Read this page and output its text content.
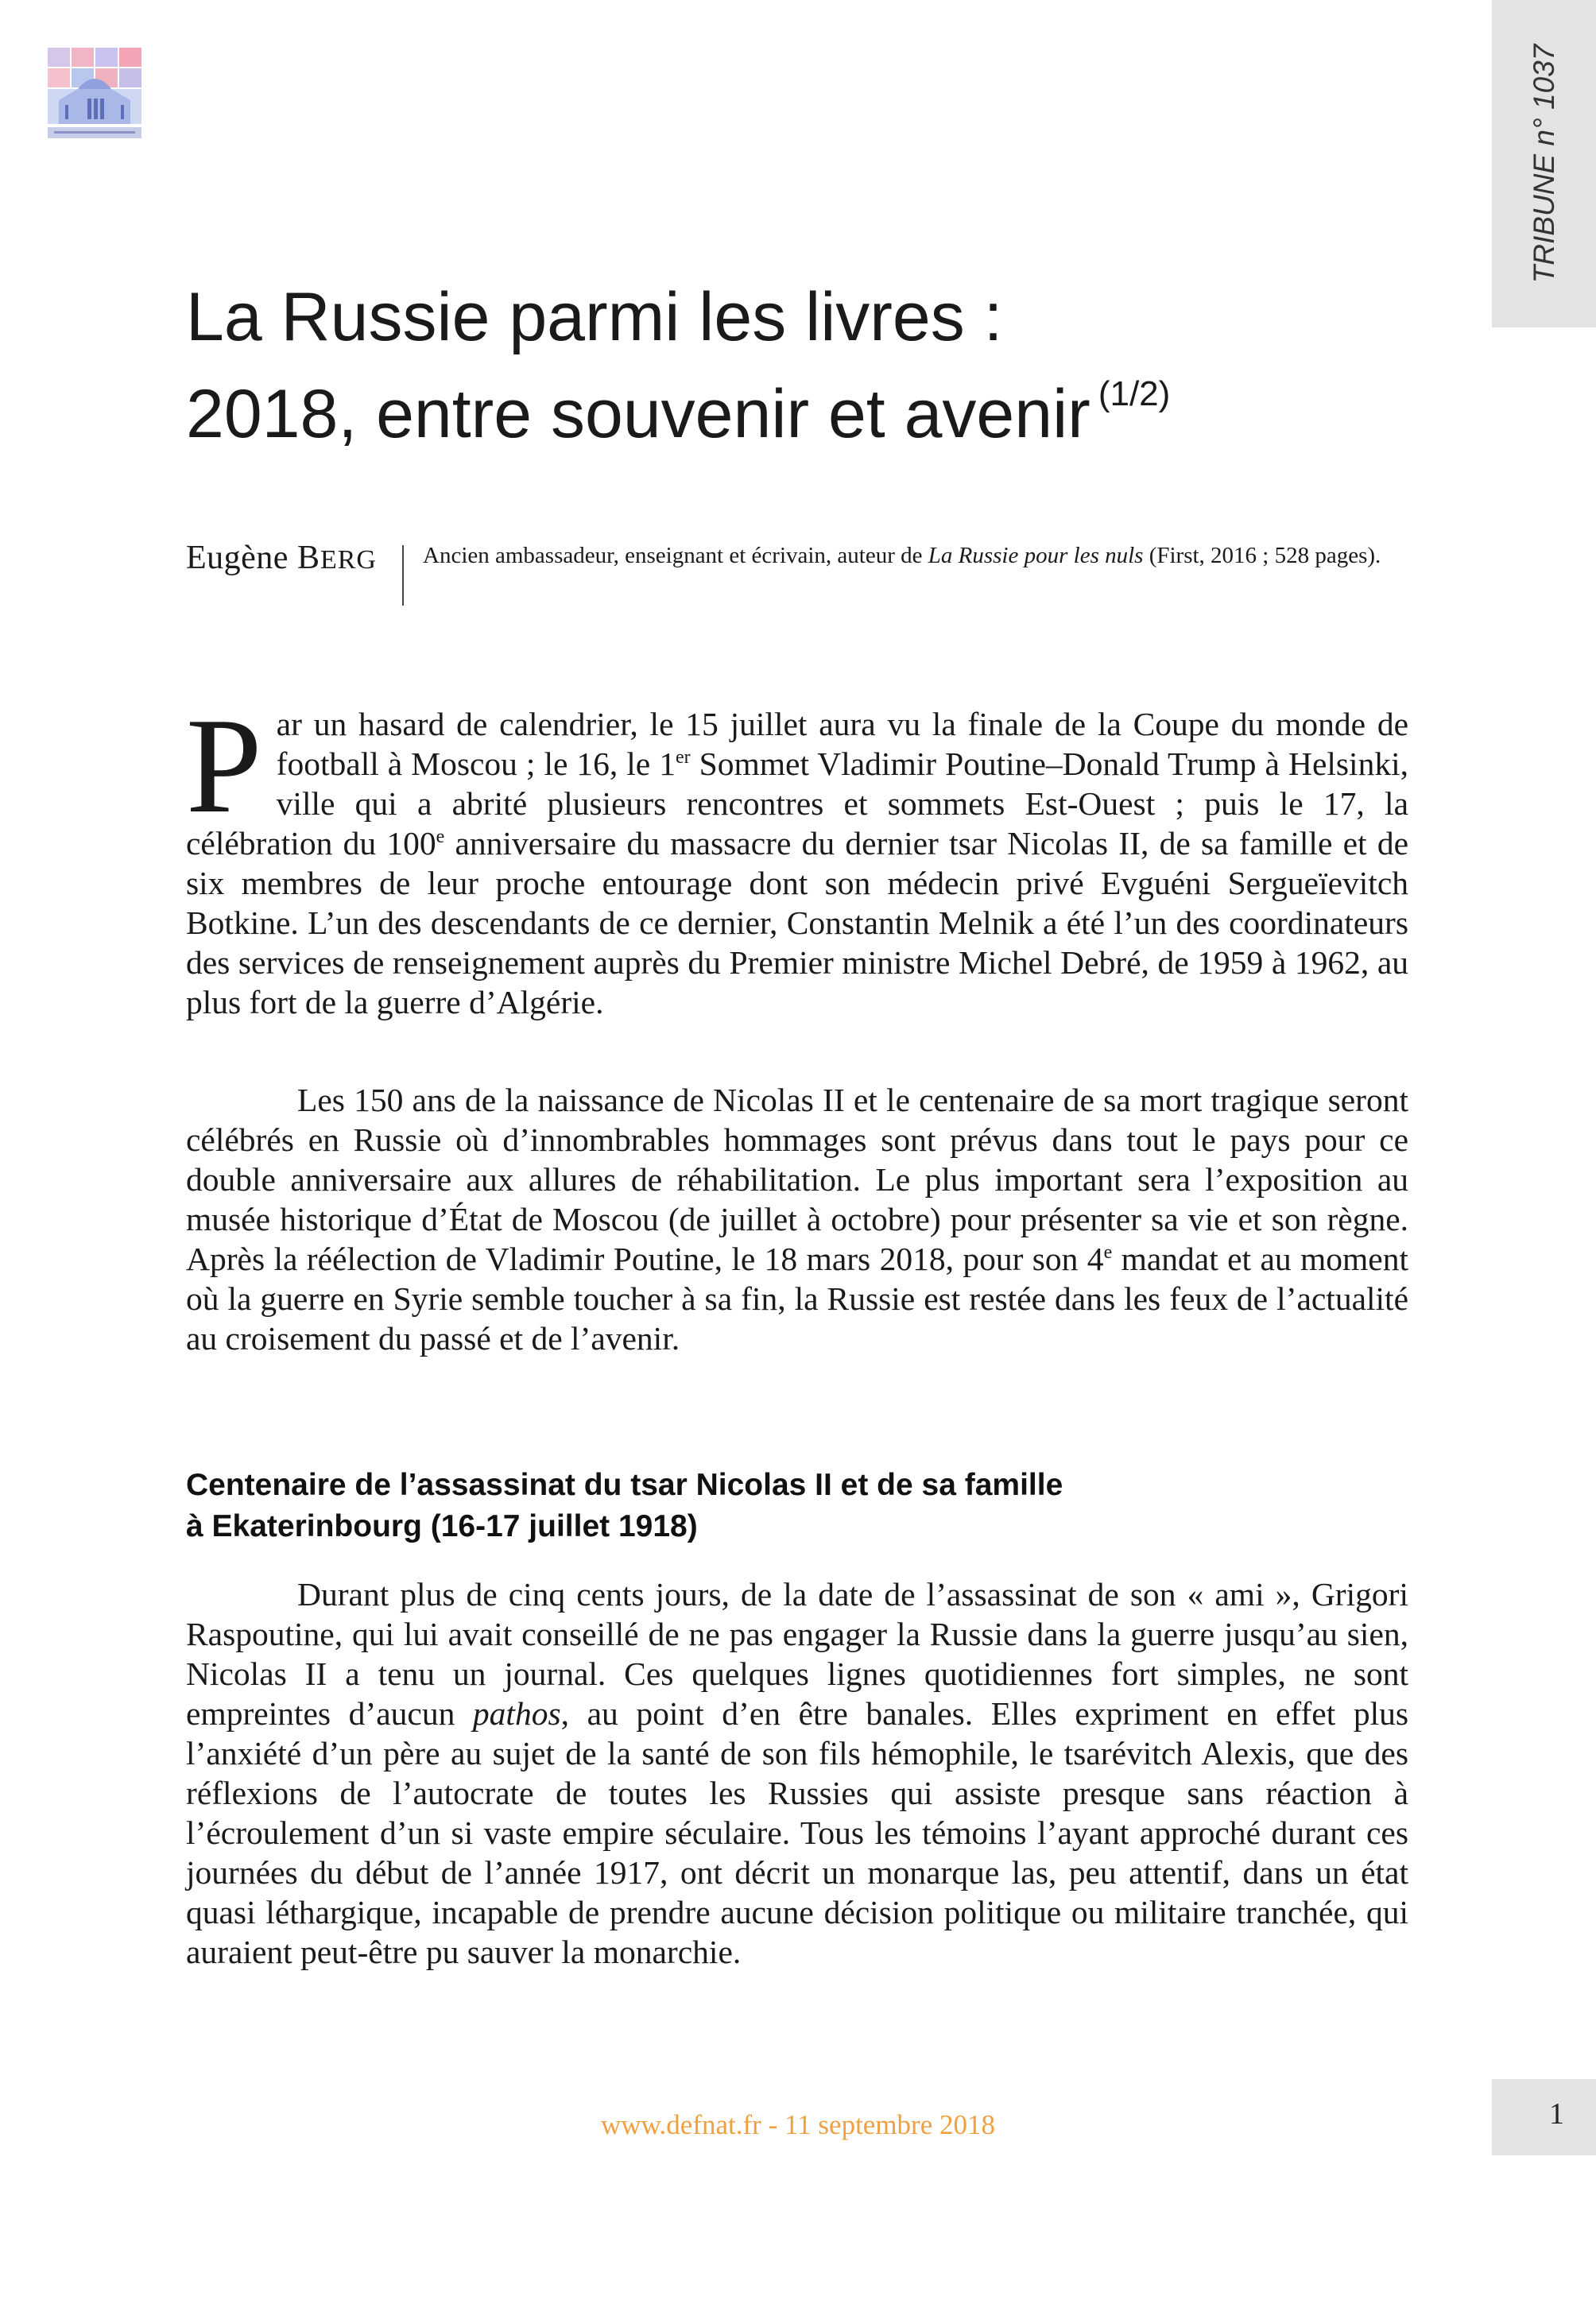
TRIBUNE n° 1037
La Russie parmi les livres :
2018, entre souvenir et avenir $^{(1/2)}$
Eugène BERG Ancien ambassadeur, enseignant et écrivain, auteur de La Russie pour les nuls (First, 2016 ; 528 pages).

Par un hasard de calendrier, le 15 juillet aura vu la finale de la Coupe du monde de football à Moscou ; le 16, le 1er Sommet Vladimir Poutine–Donald Trump à Helsinki, ville qui a abrité plusieurs rencontres et sommets Est-Ouest ; puis le 17, la célébration du 100e anniversaire du massacre du dernier tsar Nicolas II, de sa famille et de six membres de leur proche entourage dont son médecin privé Evguéni Sergueïevitch Botkine. L’un des descendants de ce dernier, Constantin Melnik a été l’un des coordinateurs des services de renseignement auprès du Premier ministre Michel Debré, de 1959 à 1962, au plus fort de la guerre d’Algérie.

Les 150 ans de la naissance de Nicolas II et le centenaire de sa mort tragique seront célébrés en Russie où d’innombrables hommages sont prévus dans tout le pays pour ce double anniversaire aux allures de réhabilitation. Le plus important sera l’exposition au musée historique d’État de Moscou (de juillet à octobre) pour présenter sa vie et son règne. Après la réélection de Vladimir Poutine, le 18 mars 2018, pour son 4e mandat et au moment où la guerre en Syrie semble toucher à sa fin, la Russie est restée dans les feux de l’actualité au croisement du passé et de l’avenir.

Centenaire de l’assassinat du tsar Nicolas II et de sa famille
à Ekaterinbourg (16-17 juillet 1918)

Durant plus de cinq cents jours, de la date de l’assassinat de son « ami », Grigori Raspoutine, qui lui avait conseillé de ne pas engager la Russie dans la guerre jusqu’au sien, Nicolas II a tenu un journal. Ces quelques lignes quotidiennes fort simples, ne sont empreintes d’aucun pathos, au point d’en être banales. Elles expriment en effet plus l’anxiété d’un père au sujet de la santé de son fils hémophile, le tsarévitch Alexis, que des réflexions de l’autocrate de toutes les Russies qui assiste presque sans réaction à l’écroulement d’un si vaste empire séculaire. Tous les témoins l’ayant approché durant ces journées du début de l’année 1917, ont décrit un monarque las, peu attentif, dans un état quasi léthargique, incapable de prendre aucune décision politique ou militaire tranchée, qui auraient peut-être pu sauver la monarchie.

www.defnat.fr - 11 septembre 2018	1
